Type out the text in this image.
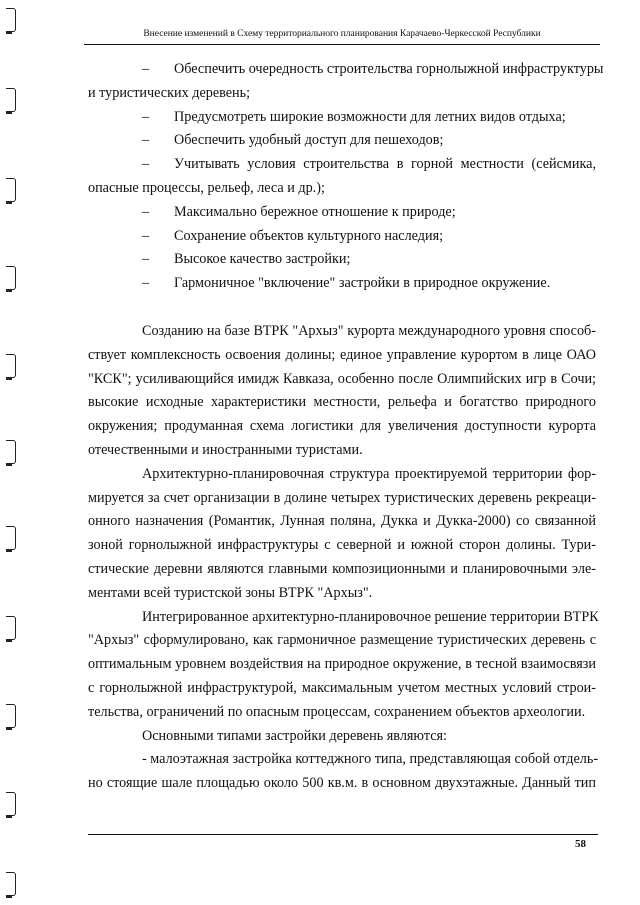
Внесение изменений в Схему территориального планирования Карачаево-Черкесской Республики
– Обеспечить очередность строительства горнолыжной инфраструктуры
и туристических деревень;
– Предусмотреть широкие возможности для летних видов отдыха;
– Обеспечить удобный доступ для пешеходов;
– Учитывать условия строительства в горной местности (сейсмика,
опасные процессы, рельеф, леса и др.);
– Максимально бережное отношение к природе;
– Сохранение объектов культурного наследия;
– Высокое качество застройки;
– Гармоничное "включение" застройки в природное окружение.
Созданию на базе ВТРК "Архыз" курорта международного уровня способ-
ствует комплексность освоения долины; единое управление курортом в лице ОАО
"КСК"; усиливающийся имидж Кавказа, особенно после Олимпийских игр в Сочи;
высокие исходные характеристики местности, рельефа и богатство природного
окружения; продуманная схема логистики для увеличения доступности курорта
отечественными и иностранными туристами.
Архитектурно-планировочная структура проектируемой территории фор-
мируется за счет организации в долине четырех туристических деревень рекреаци-
онного назначения (Романтик, Лунная поляна, Дукка и Дукка-2000) со связанной
зоной горнолыжной инфраструктуры с северной и южной сторон долины. Тури-
стические деревни являются главными композиционными и планировочными эле-
ментами всей туристской зоны ВТРК "Архыз".
Интегрированное архитектурно-планировочное решение территории ВТРК
"Архыз" сформулировано, как гармоничное размещение туристических деревень с
оптимальным уровнем воздействия на природное окружение, в тесной взаимосвязи
с горнолыжной инфраструктурой, максимальным учетом местных условий строи-
тельства, ограничений по опасным процессам, сохранением объектов археологии.
Основными типами застройки деревень являются:
- малоэтажная застройка коттеджного типа, представляющая собой отдель-
но стоящие шале площадью около 500 кв.м. в основном двухэтажные. Данный тип
58
